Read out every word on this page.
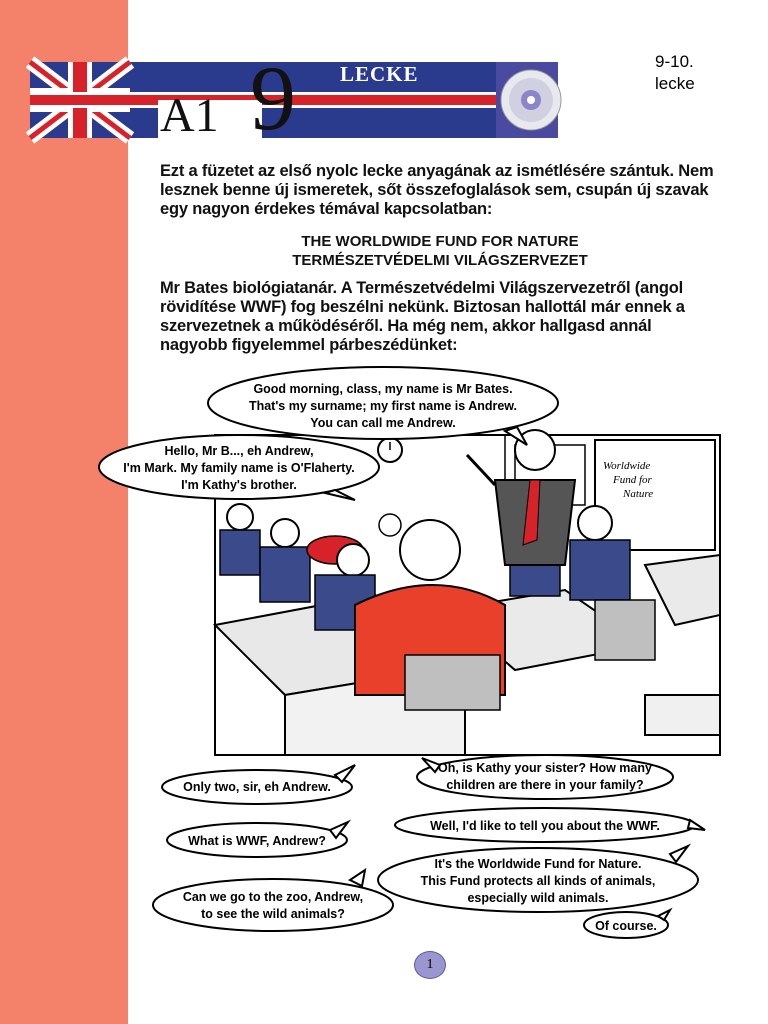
LECKE
A1 9	9-10.
lecke

Ezt a füzetet az első nyolc lecke anyagának az ismétlésére szántuk. Nem lesznek benne új ismeretek, sőt összefoglalások sem, csupán új szavak egy nagyon érdekes témával kapcsolatban:

THE WORLDWIDE FUND FOR NATURE
TERMÉSZETVÉDELMI VILÁGSZERVEZET

Mr Bates biológiatanár. A Természetvédelmi Világszervezetről (angol rövidítése WWF) fog beszélni nekünk. Biztosan hallottál már ennek a szervezetnek a működéséről. Ha még nem, akkor hallgasd annál nagyobb figyelemmel párbeszédünket:

Worldwide
Fund for
Nature
Good morning, class, my name is Mr Bates.
That's my surname; my first name is Andrew.
You can call me Andrew.
Hello, Mr B..., eh Andrew,
I'm Mark. My family name is O'Flaherty.
I'm Kathy's brother.
Only two, sir, eh Andrew.
Oh, is Kathy your sister? How many
children are there in your family?
Well, I'd like to tell you about the WWF.
What is WWF, Andrew?
It's the Worldwide Fund for Nature.
This Fund protects all kinds of animals,
especially wild animals.
Can we go to the zoo, Andrew,
to see the wild animals?
Of course.
1
